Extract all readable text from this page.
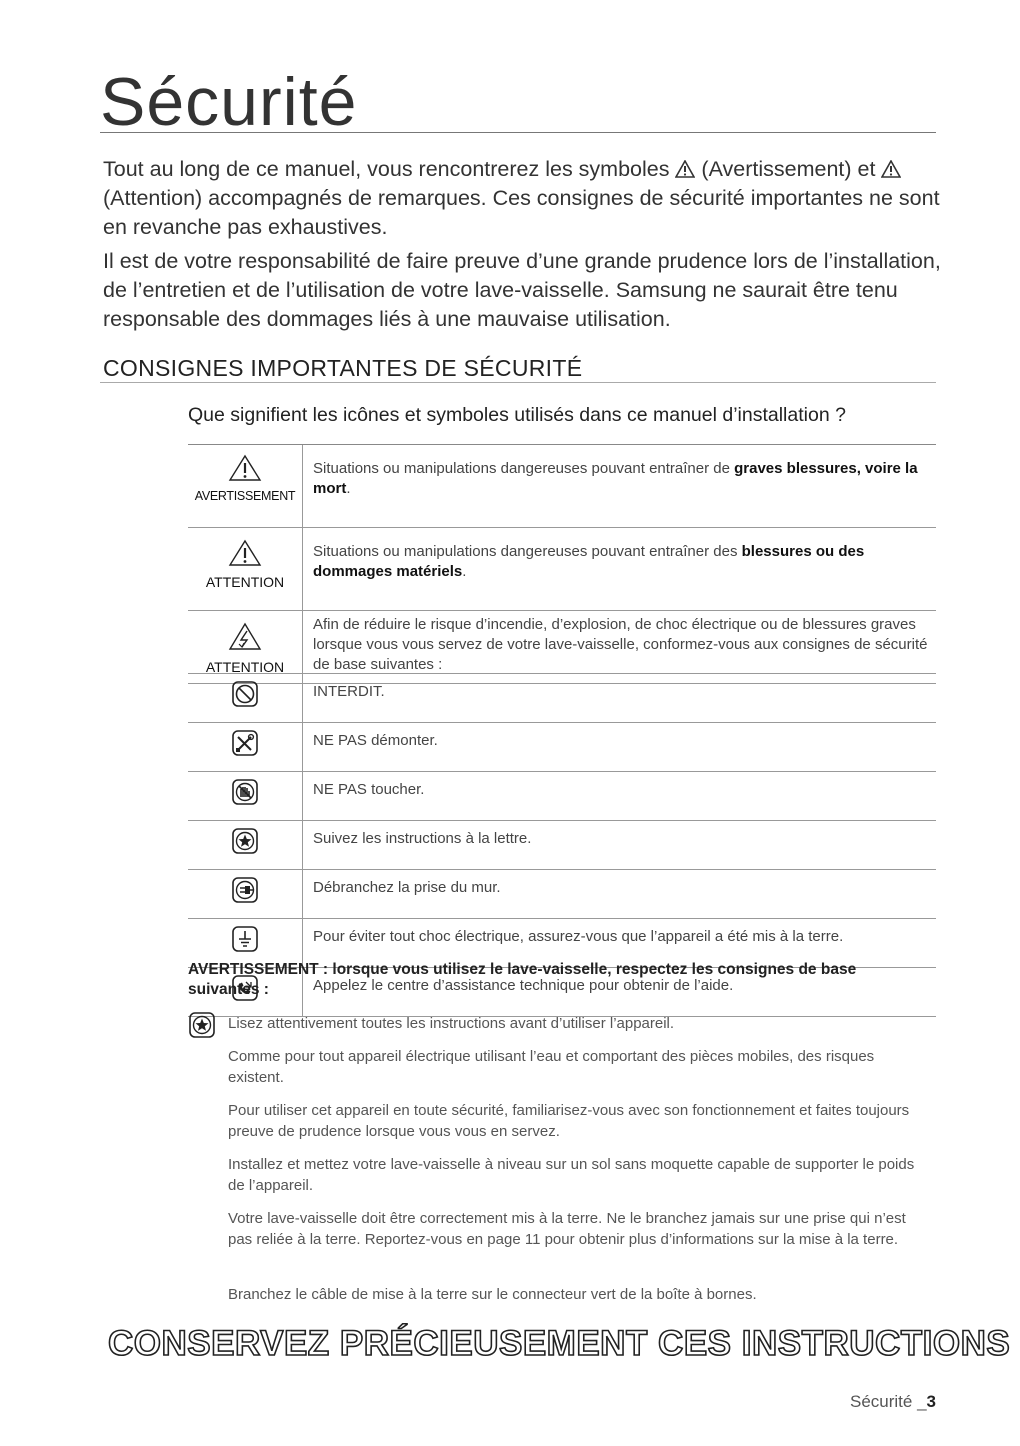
Sécurité
Tout au long de ce manuel, vous rencontrerez les symboles  (Avertissement) et  (Attention) accompagnés de remarques. Ces consignes de sécurité importantes ne sont en revanche pas exhaustives.
Il est de votre responsabilité de faire preuve d’une grande prudence lors de l’installation, de l’entretien et de l’utilisation de votre lave-vaisselle. Samsung ne saurait être tenu responsable des dommages liés à une mauvaise utilisation.
CONSIGNES IMPORTANTES DE SÉCURITÉ
Que signifient les icônes et symboles utilisés dans ce manuel d’installation ?
AVERTISSEMENT	Situations ou manipulations dangereuses pouvant entraîner de graves blessures, voire la mort.

ATTENTION	Situations ou manipulations dangereuses pouvant entraîner des blessures ou des dommages matériels.

ATTENTION	Afin de réduire le risque d’incendie, d’explosion, de choc électrique ou de blessures graves lorsque vous vous servez de votre lave-vaisselle, conformez-vous aux consignes de sécurité de base suivantes :
	INTERDIT.
	NE PAS démonter.
	NE PAS toucher.
	Suivez les instructions à la lettre.
	Débranchez la prise du mur.
	Pour éviter tout choc électrique, assurez-vous que l’appareil a été mis à la terre.
	Appelez le centre d’assistance technique pour obtenir de l’aide.
AVERTISSEMENT : lorsque vous utilisez le lave-vaisselle, respectez les consignes de base suivantes :
Lisez attentivement toutes les instructions avant d’utiliser l’appareil.
Comme pour tout appareil électrique utilisant l’eau et comportant des pièces mobiles, des risques existent.
Pour utiliser cet appareil en toute sécurité, familiarisez-vous avec son fonctionnement et faites toujours preuve de prudence lorsque vous vous en servez.
Installez et mettez votre lave-vaisselle à niveau sur un sol sans moquette capable de supporter le poids de l’appareil.
Votre lave-vaisselle doit être correctement mis à la terre. Ne le branchez jamais sur une prise qui n’est pas reliée à la terre. Reportez-vous en page 11 pour obtenir plus d’informations sur la mise à la terre.
Branchez le câble de mise à la terre sur le connecteur vert de la boîte à bornes.
CONSERVEZ PRÉCIEUSEMENT CES INSTRUCTIONS
Sécurité _3
